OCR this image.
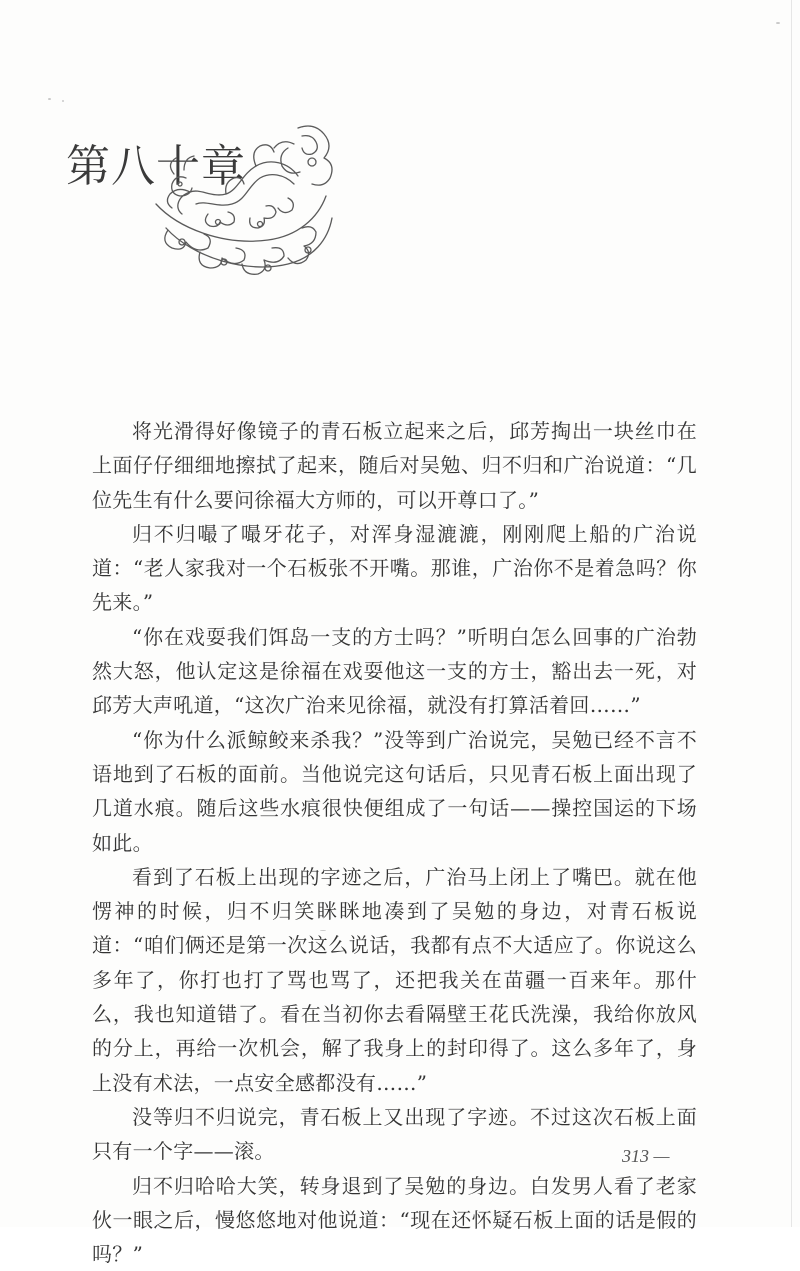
第八十章

将光滑得好像镜子的青石板立起来之后，邱芳掏出一块丝巾在上面仔仔细细地擦拭了起来，随后对吴勉、归不归和广治说道：“几位先生有什么要问徐福大方师的，可以开尊口了。”

归不归嘬了嘬牙花子，对浑身湿漉漉，刚刚爬上船的广治说道：“老人家我对一个石板张不开嘴。那谁，广治你不是着急吗？你先来。”

“你在戏耍我们饵岛一支的方士吗？”听明白怎么回事的广治勃然大怒，他认定这是徐福在戏耍他这一支的方士，豁出去一死，对邱芳大声吼道，“这次广治来见徐福，就没有打算活着回……”

“你为什么派鲸鲛来杀我？”没等到广治说完，吴勉已经不言不语地到了石板的面前。当他说完这句话后，只见青石板上面出现了几道水痕。随后这些水痕很快便组成了一句话——操控国运的下场如此。

看到了石板上出现的字迹之后，广治马上闭上了嘴巴。就在他愣神的时候，归不归笑眯眯地凑到了吴勉的身边，对青石板说道：“咱们俩还是第一次这么说话，我都有点不大适应了。你说这么多年了，你打也打了骂也骂了，还把我关在苗疆一百来年。那什么，我也知道错了。看在当初你去看隔壁王花氏洗澡，我给你放风的分上，再给一次机会，解了我身上的封印得了。这么多年了，身上没有术法，一点安全感都没有……”

没等归不归说完，青石板上又出现了字迹。不过这次石板上面只有一个字——滚。

归不归哈哈大笑，转身退到了吴勉的身边。白发男人看了老家伙一眼之后，慢悠悠地对他说道：“现在还怀疑石板上面的话是假的吗？”

313 —
